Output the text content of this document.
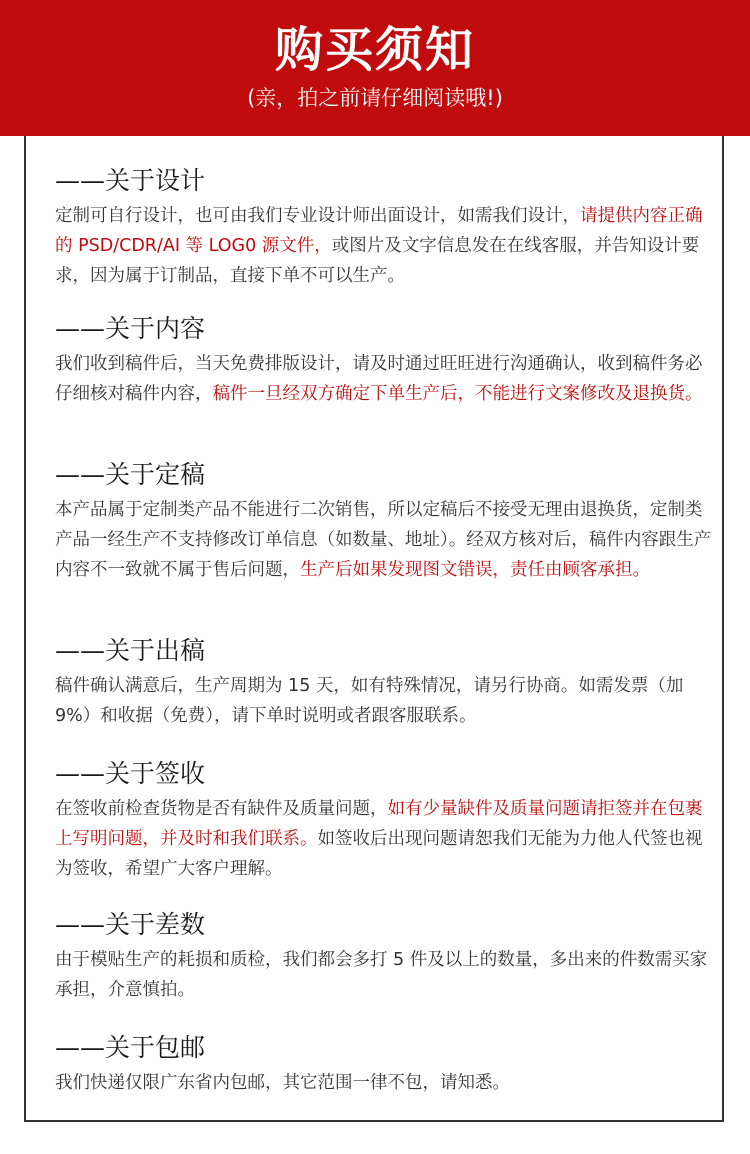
购买须知
(亲，拍之前请仔细阅读哦!)
——关于设计

定制可自行设计，也可由我们专业设计师出面设计，如需我们设计，请提供内容正确的 PSD/CDR/AI 等 LOG0 源文件，或图片及文字信息发在在线客服，并告知设计要求，因为属于订制品，直接下单不可以生产。

——关于内容

我们收到稿件后，当天免费排版设计，请及时通过旺旺进行沟通确认，收到稿件务必仔细核对稿件内容，稿件一旦经双方确定下单生产后，不能进行文案修改及退换货。

——关于定稿

本产品属于定制类产品不能进行二次销售，所以定稿后不接受无理由退换货，定制类产品一经生产不支持修改订单信息（如数量、地址）。经双方核对后，稿件内容跟生产内容不一致就不属于售后问题，生产后如果发现图文错误，责任由顾客承担。

——关于出稿

稿件确认满意后，生产周期为 15 天，如有特殊情况，请另行协商。如需发票（加 9%）和收据（免费），请下单时说明或者跟客服联系。

——关于签收

在签收前检查货物是否有缺件及质量问题，如有少量缺件及质量问题请拒签并在包裹上写明问题，并及时和我们联系。如签收后出现问题请恕我们无能为力他人代签也视为签收，希望广大客户理解。

——关于差数

由于模贴生产的耗损和质检，我们都会多打 5 件及以上的数量，多出来的件数需买家承担，介意慎拍。

——关于包邮

我们快递仅限广东省内包邮，其它范围一律不包，请知悉。
